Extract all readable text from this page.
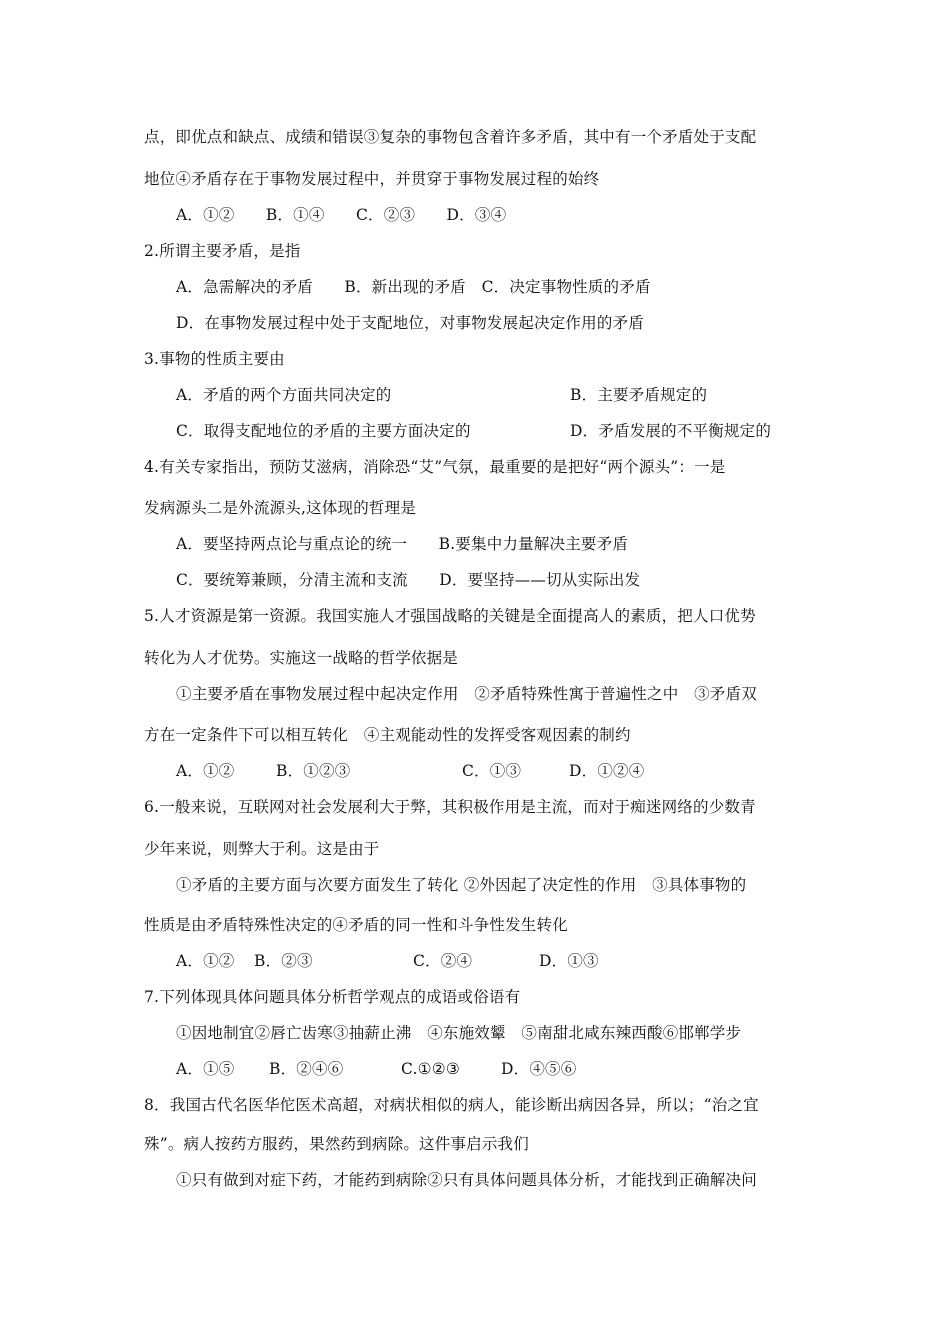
点，即优点和缺点、成绩和错误③复杂的事物包含着许多矛盾，其中有一个矛盾处于支配
地位④矛盾存在于事物发展过程中，并贯穿于事物发展过程的始终
A．①②　　B．①④　　C．②③　　D．③④
2.所谓主要矛盾，是指
A．急需解决的矛盾　　B．新出现的矛盾　C．决定事物性质的矛盾
D．在事物发展过程中处于支配地位，对事物发展起决定作用的矛盾
3.事物的性质主要由
A．矛盾的两个方面共同决定的	B．主要矛盾规定的
C．取得支配地位的矛盾的主要方面决定的	D．矛盾发展的不平衡规定的
4.有关专家指出，预防艾滋病，消除恐“艾”气氛，最重要的是把好“两个源头”：一是
发病源头二是外流源头,这体现的哲理是
A．要坚持两点论与重点论的统一　　B.要集中力量解决主要矛盾
C．要统筹兼顾，分清主流和支流　　D．要坚持——切从实际出发
5.人才资源是第一资源。我国实施人才强国战略的关键是全面提高人的素质，把人口优势
转化为人才优势。实施这一战略的哲学依据是
①主要矛盾在事物发展过程中起决定作用　②矛盾特殊性寓于普遍性之中　③矛盾双
方在一定条件下可以相互转化　④主观能动性的发挥受客观因素的制约
A．①②	B．①②③	C．①③	D．①②④
6.一般来说，互联网对社会发展利大于弊，其积极作用是主流，而对于痴迷网络的少数青
少年来说，则弊大于利。这是由于
①矛盾的主要方面与次要方面发生了转化 ②外因起了决定性的作用　③具体事物的
性质是由矛盾特殊性决定的④矛盾的同一性和斗争性发生转化
A．①② B．②③	C．②④	D．①③
7.下列体现具体问题具体分析哲学观点的成语或俗语有
①因地制宜②唇亡齿寒③抽薪止沸　④东施效颦　⑤南甜北咸东辣西酸⑥邯郸学步
A．①⑤ B．②④⑥	C.①②③	D．④⑤⑥
8．我国古代名医华佗医术高超，对病状相似的病人，能诊断出病因各异，所以；“治之宜
殊”。病人按药方服药，果然药到病除。这件事启示我们
①只有做到对症下药，才能药到病除②只有具体问题具体分析，才能找到正确解决问
